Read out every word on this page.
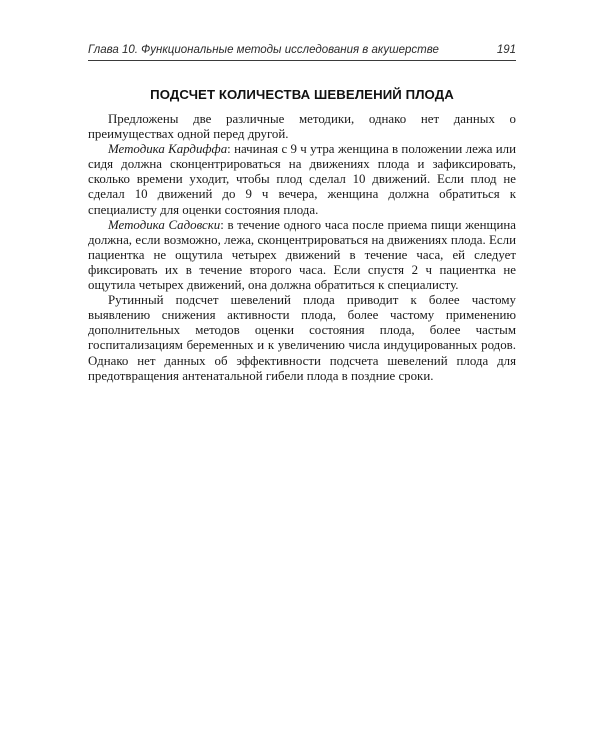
Глава 10. Функциональные методы исследования в акушерстве	191
ПОДСЧЕТ КОЛИЧЕСТВА ШЕВЕЛЕНИЙ ПЛОДА

Предложены две различные методики, однако нет данных о преимуществах одной перед другой.

Методика Кардиффа: начиная с 9 ч утра женщина в положении лежа или сидя должна сконцентрироваться на движениях плода и зафиксировать, сколько времени уходит, чтобы плод сделал 10 движений. Если плод не сделал 10 движений до 9 ч вечера, женщина должна обратиться к специалисту для оценки состояния плода.

Методика Садовски: в течение одного часа после приема пищи женщина должна, если возможно, лежа, сконцентрироваться на движениях плода. Если пациентка не ощутила четырех движений в течение часа, ей следует фиксировать их в течение второго часа. Если спустя 2 ч пациентка не ощутила четырех движений, она должна обратиться к специалисту.

Рутинный подсчет шевелений плода приводит к более частому выявлению снижения активности плода, более частому применению дополнительных методов оценки состояния плода, более частым госпитализациям беременных и к увеличению числа индуцированных родов. Однако нет данных об эффективности подсчета шевелений плода для предотвращения антенатальной гибели плода в поздние сроки.
